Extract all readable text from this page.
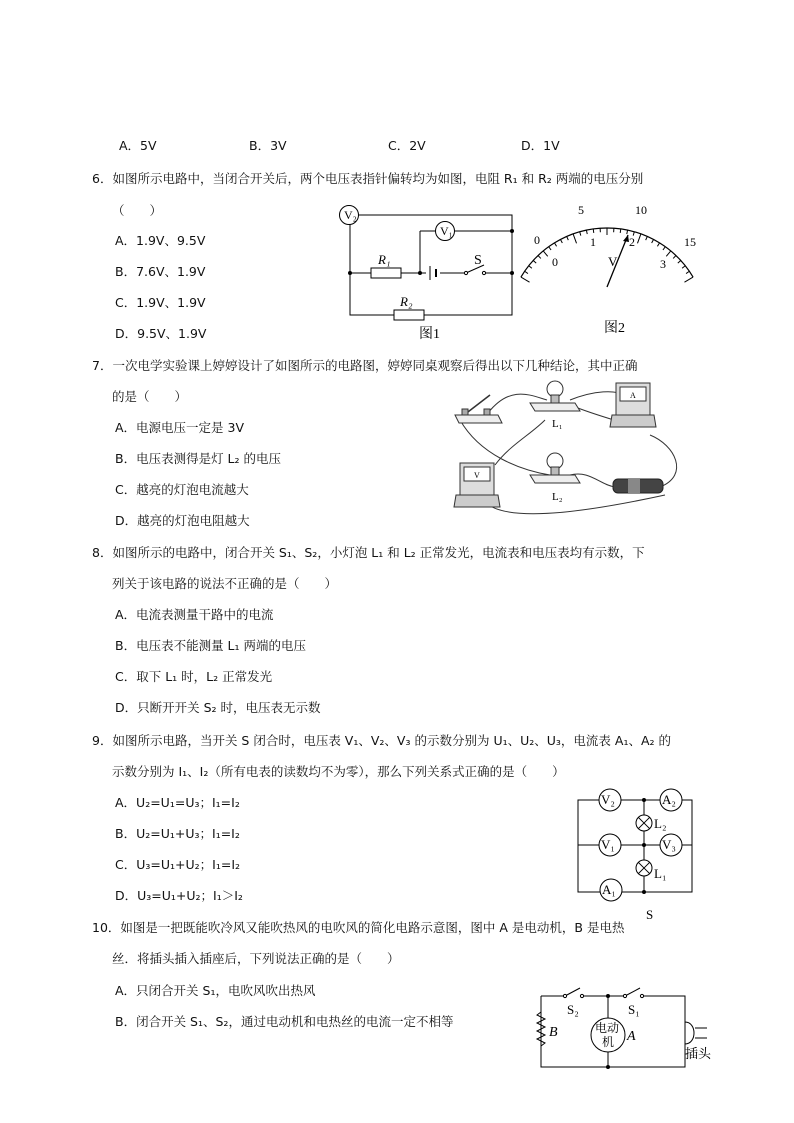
A．5V	B．3V	C．2V	D．1V
6．如图所示电路中，当闭合开关后，两个电压表指针偏转均为如图，电阻 R₁ 和 R₂ 两端的电压分别
（　　）
A．1.9V、9.5V
B．7.6V、1.9V
C．1.9V、1.9V
D．9.5V、1.9V
V₂
V₁
R₁	S
R₂
图1
0
5	10
15
0
1	2
3
V
图2
7．一次电学实验课上婷婷设计了如图所示的电路图，婷婷同桌观察后得出以下几种结论，其中正确
的是（　　）
A．电源电压一定是 3V
B．电压表测得是灯 L₂ 的电压
C．越亮的灯泡电流越大
D．越亮的灯泡电阻越大
L₁
L₂
A
V
8．如图所示的电路中，闭合开关 S₁、S₂，小灯泡 L₁ 和 L₂ 正常发光，电流表和电压表均有示数，下
列关于该电路的说法不正确的是（　　）
A．电流表测量干路中的电流
B．电压表不能测量 L₁ 两端的电压
C．取下 L₁ 时，L₂ 正常发光
D．只断开开关 S₂ 时，电压表无示数
9．如图所示电路，当开关 S 闭合时，电压表 V₁、V₂、V₃ 的示数分别为 U₁、U₂、U₃，电流表 A₁、A₂ 的
示数分别为 I₁、I₂（所有电表的读数均不为零），那么下列关系式正确的是（　　）
A．U₂=U₁=U₃；I₁=I₂
B．U₂=U₁+U₃；I₁=I₂
C．U₃=U₁+U₂；I₁=I₂
D．U₃=U₁+U₂；I₁＞I₂
V₂	A₂
L₂
V₁	V₃
L₁
A₁
S
10．如图是一把既能吹冷风又能吹热风的电吹风的简化电路示意图，图中 A 是电动机，B 是电热
丝．将插头插入插座后，下列说法正确的是（　　）
A．只闭合开关 S₁，电吹风吹出热风
B．闭合开关 S₁、S₂，通过电动机和电热丝的电流一定不相等
S₂	S₁
B	A
电动
机
插头
